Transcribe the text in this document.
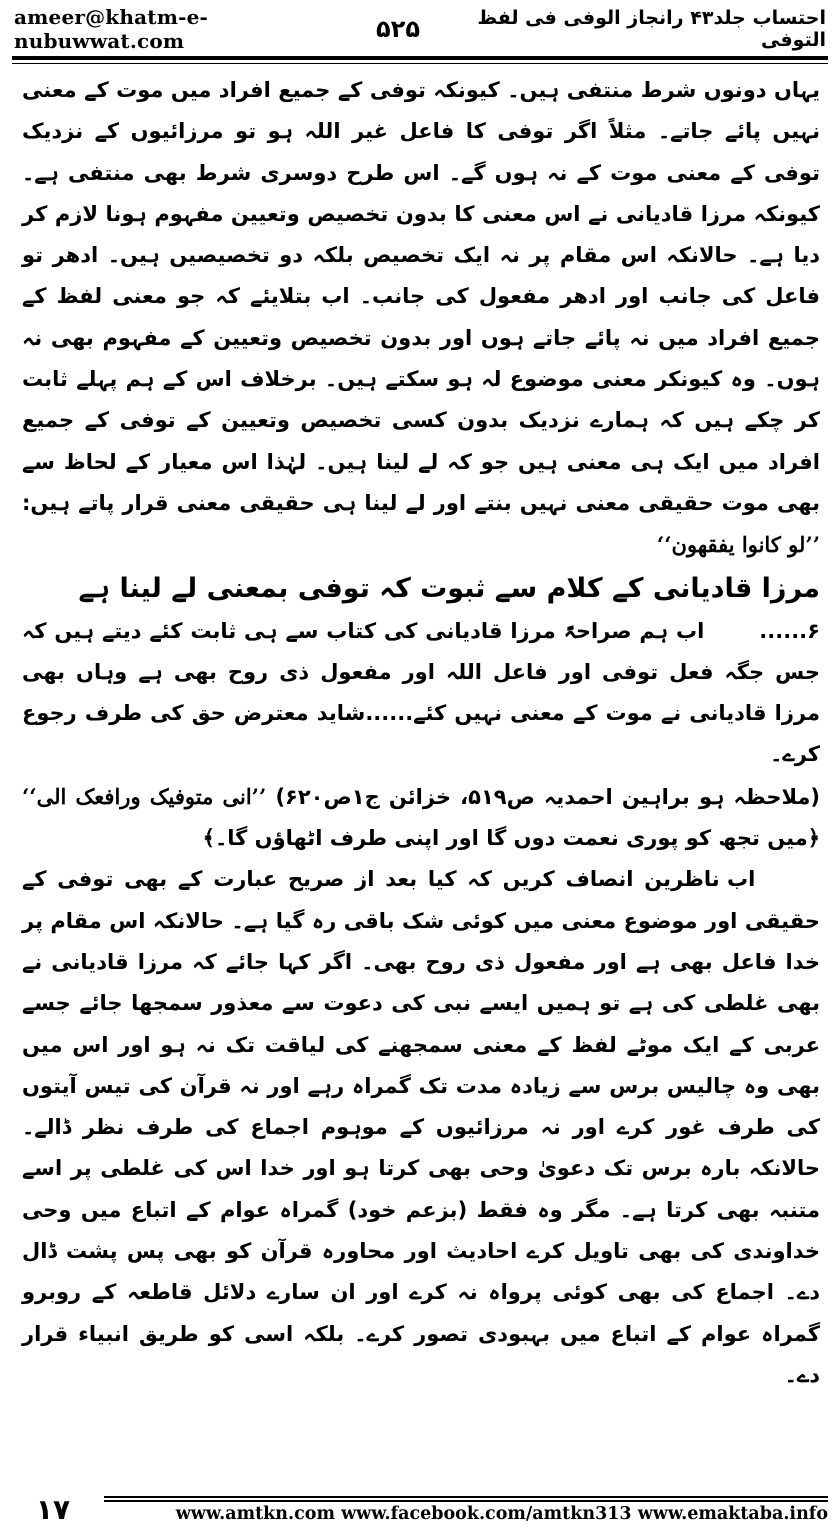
ameer@khatm-e-nubuwwat.com	۵۲۵	احتساب جلد۴۳ رانجاز الوفی فی لفظ التوفی

یہاں دونوں شرط منتفی ہیں۔ کیونکہ توفی کے جمیع افراد میں موت کے معنی نہیں پائے جاتے۔ مثلاً اگر توفی کا فاعل غیر اللہ ہو تو مرزائیوں کے نزدیک توفی کے معنی موت کے نہ ہوں گے۔ اس طرح دوسری شرط بھی منتفی ہے۔ کیونکہ مرزا قادیانی نے اس معنی کا بدون تخصیص وتعیین مفہوم ہونا لازم کر دیا ہے۔ حالانکہ اس مقام پر نہ ایک تخصیص بلکہ دو تخصیصیں ہیں۔ ادھر تو فاعل کی جانب اور ادھر مفعول کی جانب۔ اب بتلایئے کہ جو معنی لفظ کے جمیع افراد میں نہ پائے جاتے ہوں اور بدون تخصیص وتعیین کے مفہوم بھی نہ ہوں۔ وہ کیونکر معنی موضوع لہ ہو سکتے ہیں۔ برخلاف اس کے ہم پہلے ثابت کر چکے ہیں کہ ہمارے نزدیک بدون کسی تخصیص وتعیین کے توفی کے جمیع افراد میں ایک ہی معنی ہیں جو کہ لے لینا ہیں۔ لہٰذا اس معیار کے لحاظ سے بھی موت حقیقی معنی نہیں بنتے اور لے لینا ہی حقیقی معنی قرار پاتے ہیں: ’’لو کانوا یفقھون‘‘

مرزا قادیانی کے کلام سے ثبوت کہ توفی بمعنی لے لینا ہے

۶......       اب ہم صراحۃً مرزا قادیانی کی کتاب سے ہی ثابت کئے دیتے ہیں کہ جس جگہ فعل توفی اور فاعل اللہ اور مفعول ذی روح بھی ہے وہاں بھی مرزا قادیانی نے موت کے معنی نہیں کئے......شاید معترض حق کی طرف رجوع کرے۔

(ملاحظہ ہو براہین احمدیہ ص۵۱۹، خزائن ج۱ص۶۲۰) ’’انی متوفیک ورافعک الی‘‘ ﴿میں تجھ کو پوری نعمت دوں گا اور اپنی طرف اٹھاؤں گا۔﴾

اب ناظرین انصاف کریں کہ کیا بعد از صریح عبارت کے بھی توفی کے حقیقی اور موضوع معنی میں کوئی شک باقی رہ گیا ہے۔ حالانکہ اس مقام پر خدا فاعل بھی ہے اور مفعول ذی روح بھی۔ اگر کہا جائے کہ مرزا قادیانی نے بھی غلطی کی ہے تو ہمیں ایسے نبی کی دعوت سے معذور سمجھا جائے جسے عربی کے ایک موٹے لفظ کے معنی سمجھنے کی لیاقت تک نہ ہو اور اس میں بھی وہ چالیس برس سے زیادہ مدت تک گمراہ رہے اور نہ قرآن کی تیس آیتوں کی طرف غور کرے اور نہ مرزائیوں کے موہوم اجماع کی طرف نظر ڈالے۔ حالانکہ بارہ برس تک دعویٰ وحی بھی کرتا ہو اور خدا اس کی غلطی پر اسے متنبہ بھی کرتا ہے۔ مگر وہ فقط (بزعم خود) گمراہ عوام کے اتباع میں وحی خداوندی کی بھی تاویل کرے احادیث اور محاورہ قرآن کو بھی پس پشت ڈال دے۔ اجماع کی بھی کوئی پرواہ نہ کرے اور ان سارے دلائل قاطعہ کے روبرو گمراہ عوام کے اتباع میں بہبودی تصور کرے۔ بلکہ اسی کو طریق انبیاء قرار دے۔

۱۷	www.amtkn.com www.facebook.com/amtkn313 www.emaktaba.info
